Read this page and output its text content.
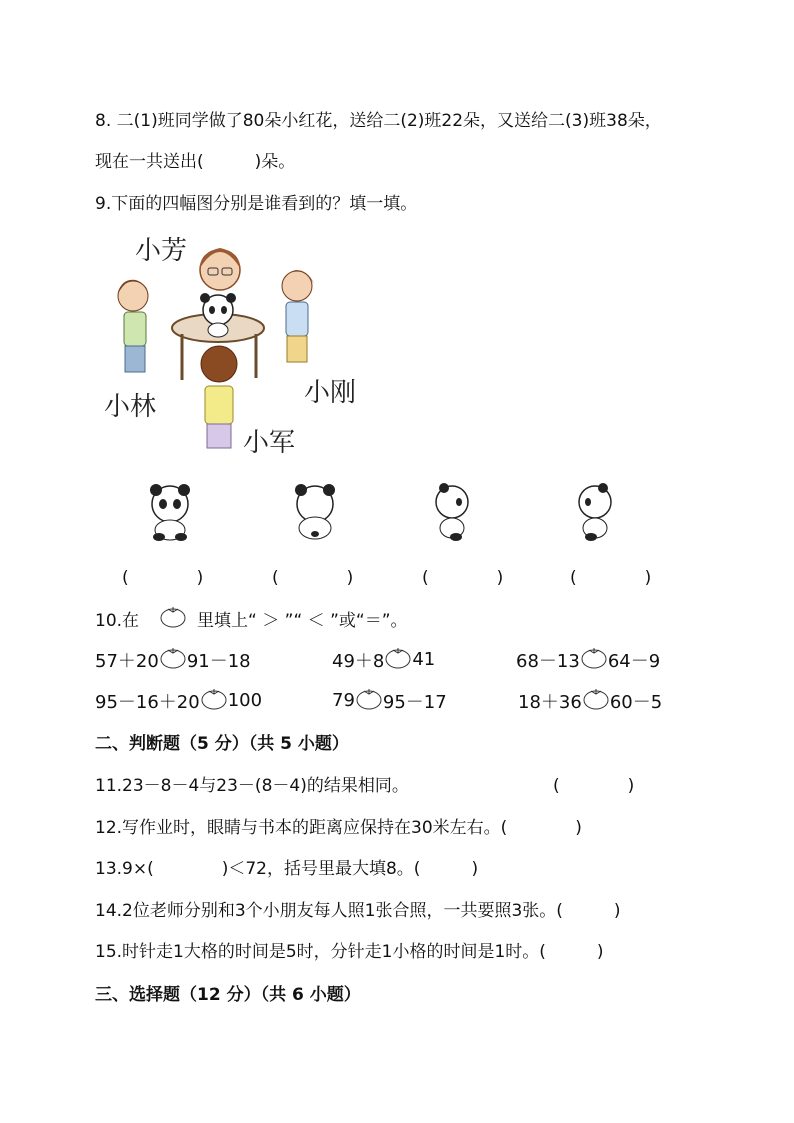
8. 二(1)班同学做了80朵小红花，送给二(2)班22朵，又送给二(3)班38朵，
现在一共送出(　　　)朵。
9.下面的四幅图分别是谁看到的？填一填。
小芳
小林	小刚
小军
(　　　　)	(　　　　)	(　　　　)	(　　　　)
10.在	里填上“ ＞ ”“ ＜ ”或“＝”。
57＋20 91－18	49＋8 41	68－13 64－9
95－16＋20 100	79 95－17	18＋36 60－5
二、判断题（5 分）（共 5 小题）
11.23－8－4与23－(8－4)的结果相同。	(　　　　)
12.写作业时，眼睛与书本的距离应保持在30米左右。(　　　　)
13.9×(　　　　)＜72，括号里最大填8。(　　　)
14.2位老师分别和3个小朋友每人照1张合照，一共要照3张。(　　　)
15.时针走1大格的时间是5时，分针走1小格的时间是1时。(　　　)
三、选择题（12 分）（共 6 小题）
